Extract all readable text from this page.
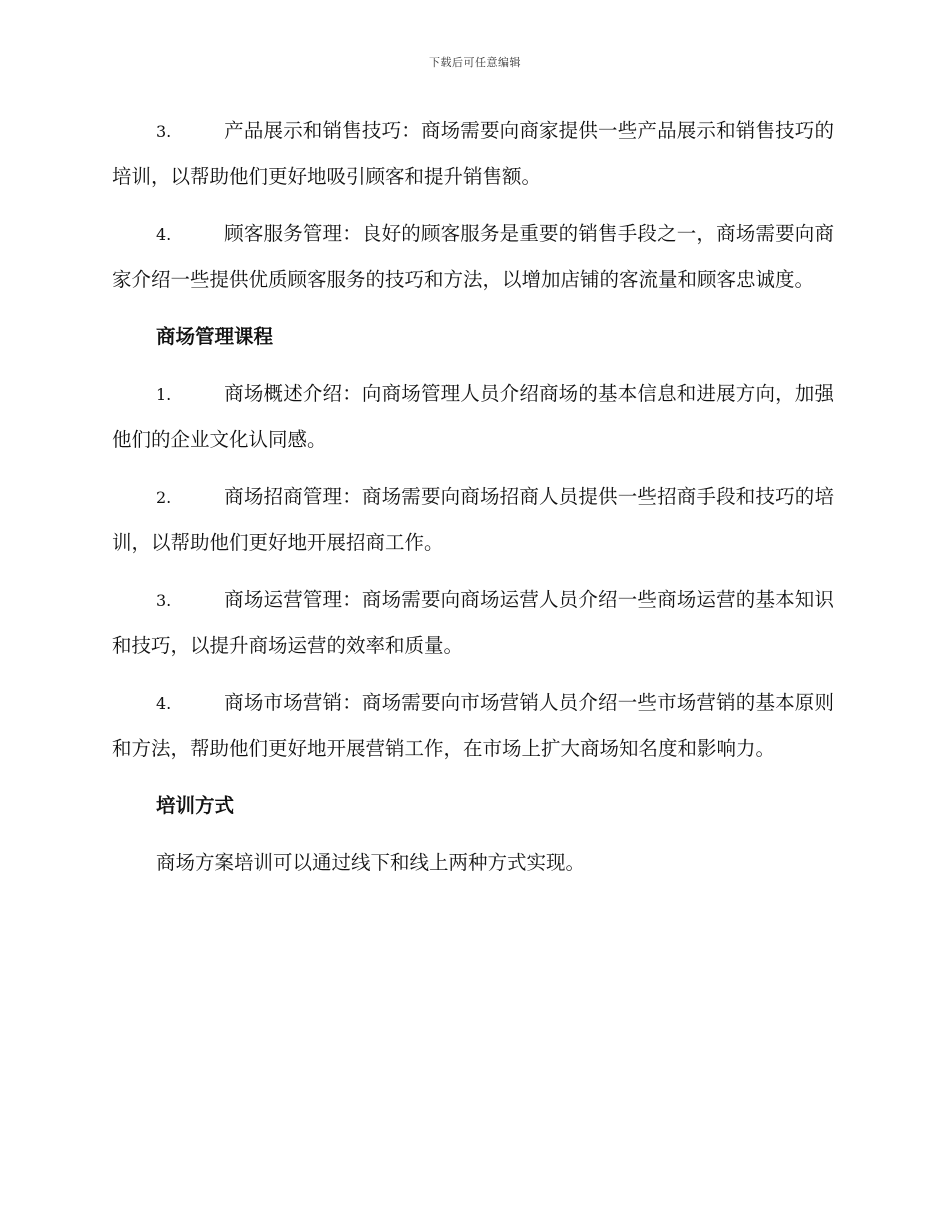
下载后可任意编辑

3.	产品展示和销售技巧：商场需要向商家提供一些产品展示和销售技巧的培训，以帮助他们更好地吸引顾客和提升销售额。

4.	顾客服务管理：良好的顾客服务是重要的销售手段之一，商场需要向商家介绍一些提供优质顾客服务的技巧和方法，以增加店铺的客流量和顾客忠诚度。

商场管理课程

1.	商场概述介绍：向商场管理人员介绍商场的基本信息和进展方向，加强他们的企业文化认同感。

2.	商场招商管理：商场需要向商场招商人员提供一些招商手段和技巧的培训，以帮助他们更好地开展招商工作。

3.	商场运营管理：商场需要向商场运营人员介绍一些商场运营的基本知识和技巧，以提升商场运营的效率和质量。

4.	商场市场营销：商场需要向市场营销人员介绍一些市场营销的基本原则和方法，帮助他们更好地开展营销工作，在市场上扩大商场知名度和影响力。

培训方式

商场方案培训可以通过线下和线上两种方式实现。
